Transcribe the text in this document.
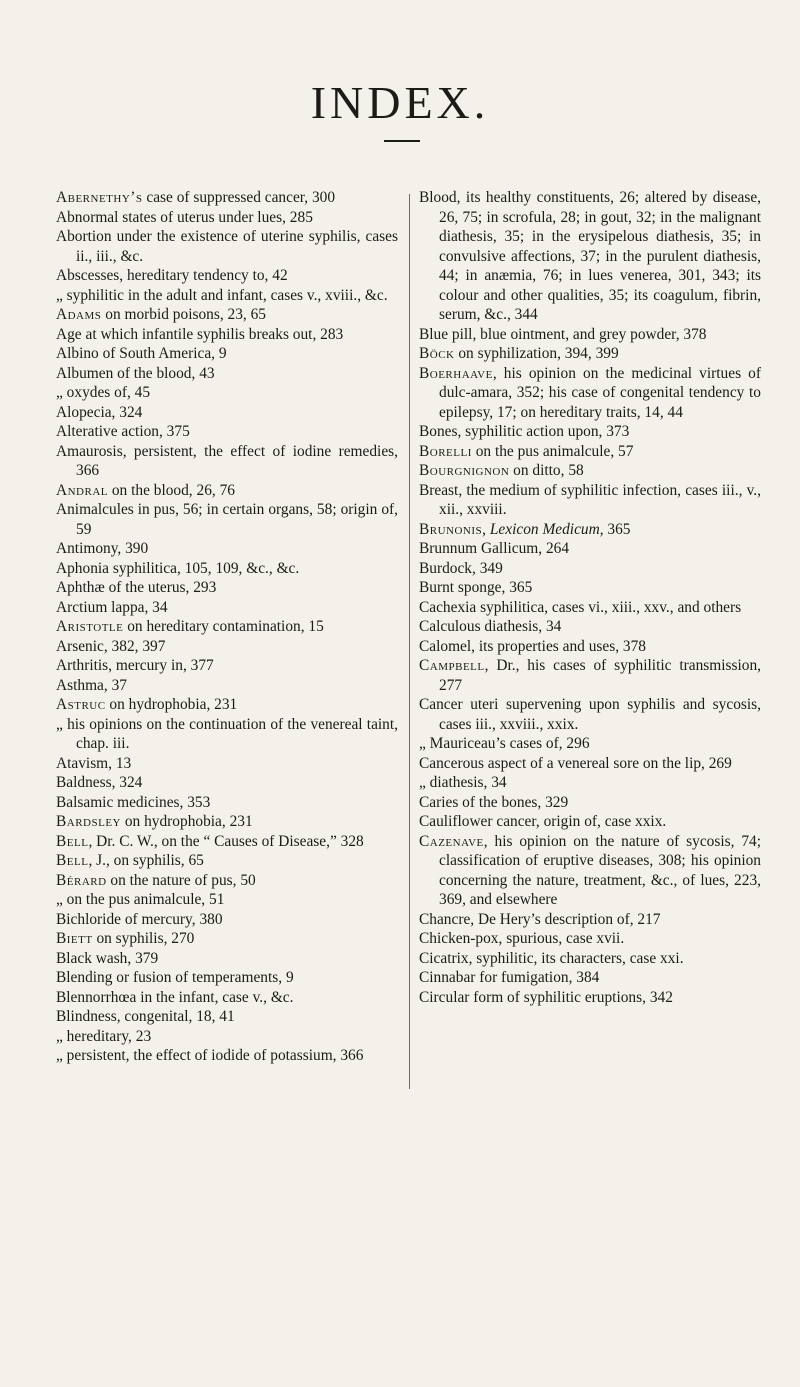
INDEX.

Abernethy’s case of suppressed cancer, 300

Abnormal states of uterus under lues, 285

Abortion under the existence of uterine syphilis, cases ii., iii., &c.

Abscesses, hereditary tendency to, 42

„ syphilitic in the adult and infant, cases v., xviii., &c.

Adams on morbid poisons, 23, 65

Age at which infantile syphilis breaks out, 283

Albino of South America, 9

Albumen of the blood, 43

„ oxydes of, 45

Alopecia, 324

Alterative action, 375

Amaurosis, persistent, the effect of iodine remedies, 366

Andral on the blood, 26, 76

Animalcules in pus, 56; in certain organs, 58; origin of, 59

Antimony, 390

Aphonia syphilitica, 105, 109, &c., &c.

Aphthæ of the uterus, 293

Arctium lappa, 34

Aristotle on hereditary contamination, 15

Arsenic, 382, 397

Arthritis, mercury in, 377

Asthma, 37

Astruc on hydrophobia, 231

„ his opinions on the continuation of the venereal taint, chap. iii.

Atavism, 13

Baldness, 324

Balsamic medicines, 353

Bardsley on hydrophobia, 231

Bell, Dr. C. W., on the “ Causes of Disease,” 328

Bell, J., on syphilis, 65

Bérard on the nature of pus, 50

„ on the pus animalcule, 51

Bichloride of mercury, 380

Biett on syphilis, 270

Black wash, 379

Blending or fusion of temperaments, 9

Blennorrhœa in the infant, case v., &c.

Blindness, congenital, 18, 41

„ hereditary, 23

„ persistent, the effect of iodide of potassium, 366

Blood, its healthy constituents, 26; altered by disease, 26, 75; in scrofula, 28; in gout, 32; in the malignant diathesis, 35; in the erysipelous diathesis, 35; in convulsive affections, 37; in the purulent diathesis, 44; in anæmia, 76; in lues venerea, 301, 343; its colour and other qualities, 35; its coagulum, fibrin, serum, &c., 344

Blue pill, blue ointment, and grey powder, 378

Böck on syphilization, 394, 399

Boerhaave, his opinion on the medicinal virtues of dulc-amara, 352; his case of congenital tendency to epilepsy, 17; on hereditary traits, 14, 44

Bones, syphilitic action upon, 373

Borelli on the pus animalcule, 57

Bourgnignon on ditto, 58

Breast, the medium of syphilitic infection, cases iii., v., xii., xxviii.

Brunonis, Lexicon Medicum, 365

Brunnum Gallicum, 264

Burdock, 349

Burnt sponge, 365

Cachexia syphilitica, cases vi., xiii., xxv., and others

Calculous diathesis, 34

Calomel, its properties and uses, 378

Campbell, Dr., his cases of syphilitic transmission, 277

Cancer uteri supervening upon syphilis and sycosis, cases iii., xxviii., xxix.

„ Mauriceau’s cases of, 296

Cancerous aspect of a venereal sore on the lip, 269

„ diathesis, 34

Caries of the bones, 329

Cauliflower cancer, origin of, case xxix.

Cazenave, his opinion on the nature of sycosis, 74; classification of eruptive diseases, 308; his opinion concerning the nature, treatment, &c., of lues, 223, 369, and elsewhere

Chancre, De Hery’s description of, 217

Chicken-pox, spurious, case xvii.

Cicatrix, syphilitic, its characters, case xxi.

Cinnabar for fumigation, 384

Circular form of syphilitic eruptions, 342
